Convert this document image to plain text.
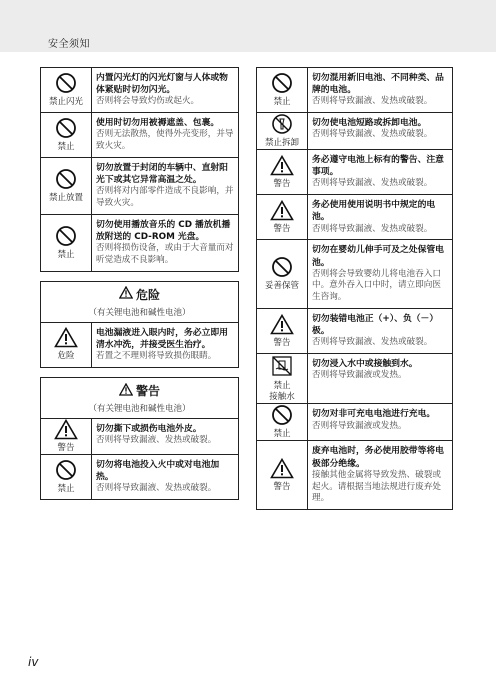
安全须知
禁止闪光
内置闪光灯的闪光灯窗与人体或物体紧贴时切勿闪光。
否则将会导致灼伤或起火。
禁止
使用时切勿用被褥遮盖、包裹。
否则无法散热，使得外壳变形，并导致火灾。
禁止放置
切勿放置于封闭的车辆中、直射阳光下或其它异常高温之处。
否则将对内部零件造成不良影响，并导致火灾。
禁止
切勿使用播放音乐的 CD 播放机播放附送的 CD-ROM 光盘。
否则将损伤设备，或由于大音量而对听觉造成不良影响。
危险
（有关锂电池和碱性电池）
危险
电池漏液进入眼内时，务必立即用清水冲洗，并接受医生治疗。
若置之不理则将导致损伤眼睛。
警告
（有关锂电池和碱性电池）
警告
切勿撕下或损伤电池外皮。
否则将导致漏液、发热或破裂。
禁止
切勿将电池投入火中或对电池加热。
否则将导致漏液、发热或破裂。
禁止
切勿混用新旧电池、不同种类、品牌的电池。
否则将导致漏液、发热或破裂。
禁止拆卸
切勿使电池短路或拆卸电池。
否则将导致漏液、发热或破裂。
警告
务必遵守电池上标有的警告、注意事项。
否则将导致漏液、发热或破裂。
警告
务必使用使用说明书中规定的电池。
否则将导致漏液、发热或破裂。
妥善保管
切勿在婴幼儿伸手可及之处保管电池。
否则将会导致婴幼儿将电池吞入口中。意外吞入口中时，请立即向医生咨询。
警告
切勿装错电池正（+）、负（－）极。
否则将导致漏液、发热或破裂。
禁止
接触水
切勿浸入水中或接触到水。
否则将导致漏液或发热。
禁止
切勿对非可充电电池进行充电。
否则将导致漏液或发热。
警告
废弃电池时，务必使用胶带等将电极部分绝缘。
接触其他金属将导致发热、破裂或起火。请根据当地法规进行废弃处理。
iv
